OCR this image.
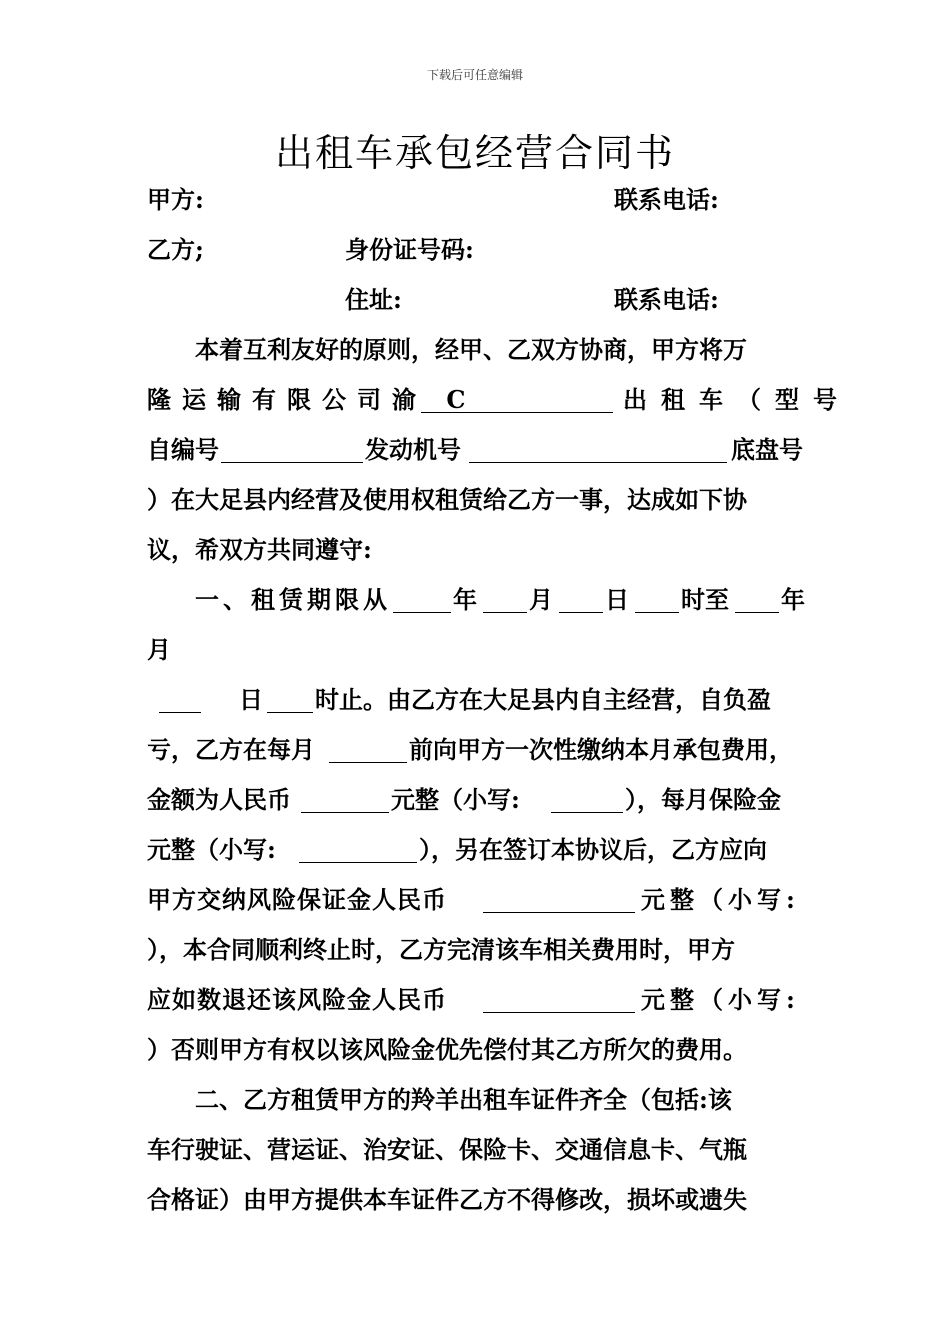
下载后可任意编辑
出租车承包经营合同书
甲方:	联系电话:
乙方;	身份证号码:
住址:	联系电话:
本着互利友好的原则，经甲、乙双方协商，甲方将万
隆运输有限公司渝 C	出租车（型号
自编号	发动机号	底盘号
）在大足县内经营及使用权租赁给乙方一事，达成如下协
议，希双方共同遵守:
一、租赁期限从	年 月 日 时至 年
月
日 时止。由乙方在大足县内自主经营，自负盈
亏，乙方在每月	前向甲方一次性缴纳本月承包费用，
金额为人民币	元整（小写:	），每月保险金
元整（小写:	），另在签订本协议后，乙方应向
甲方交纳风险保证金人民币	元整（小写:
），本合同顺利终止时，乙方完清该车相关费用时，甲方
应如数退还该风险金人民币	元整（小写:
）否则甲方有权以该风险金优先偿付其乙方所欠的费用。
二、乙方租赁甲方的羚羊出租车证件齐全（包括:该
车行驶证、营运证、治安证、保险卡、交通信息卡、气瓶
合格证）由甲方提供本车证件乙方不得修改，损坏或遗失
